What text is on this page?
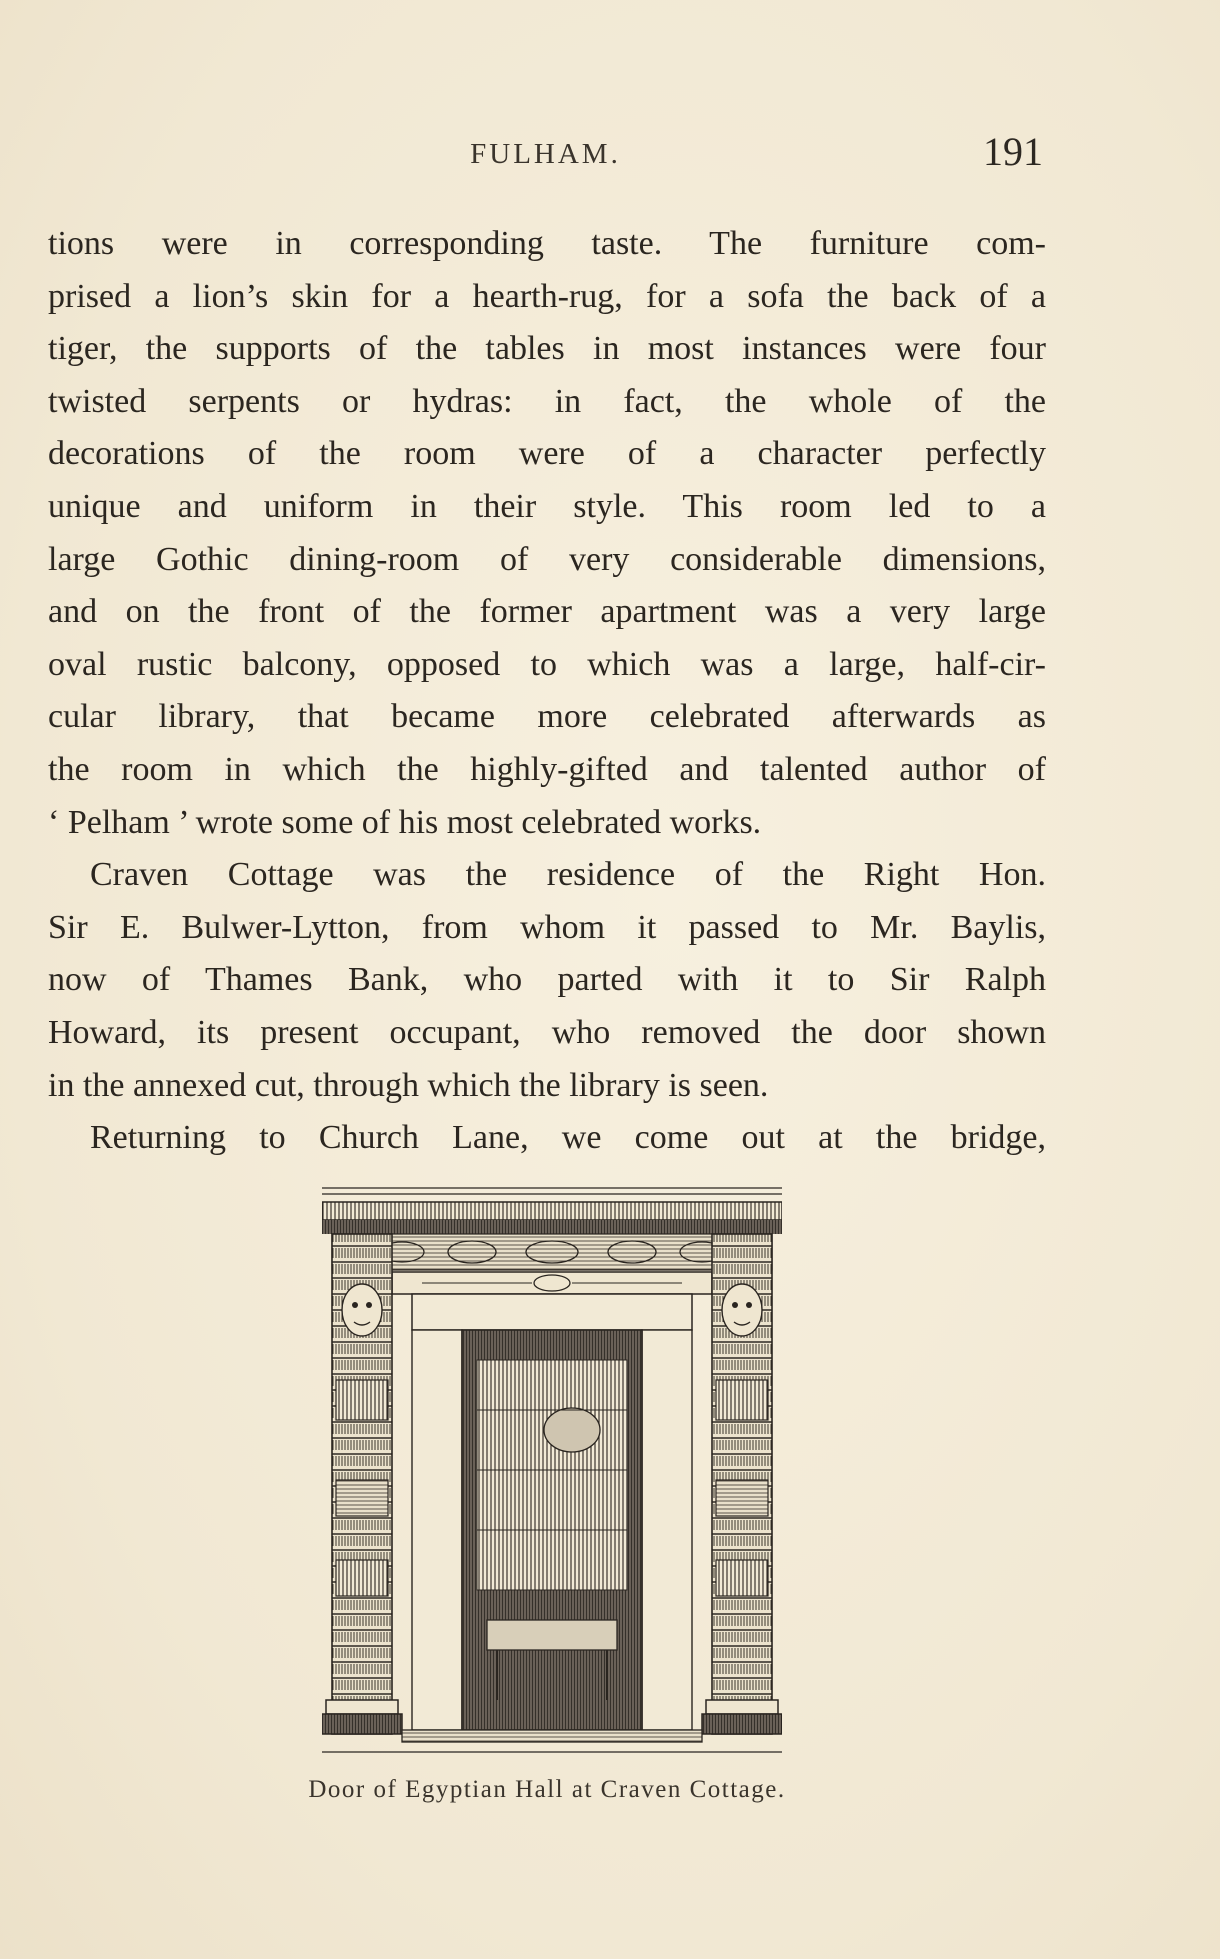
FULHAM.	191
tions were in corresponding taste. The furniture com-
prised a lion’s skin for a hearth-rug, for a sofa the back of a
tiger, the supports of the tables in most instances were four
twisted serpents or hydras: in fact, the whole of the
decorations of the room were of a character perfectly
unique and uniform in their style. This room led to a
large Gothic dining-room of very considerable dimensions,
and on the front of the former apartment was a very large
oval rustic balcony, opposed to which was a large, half-cir-
cular library, that became more celebrated afterwards as
the room in which the highly-gifted and talented author of
‘ Pelham ’ wrote some of his most celebrated works.
Craven Cottage was the residence of the Right Hon.
Sir E. Bulwer-Lytton, from whom it passed to Mr. Baylis,
now of Thames Bank, who parted with it to Sir Ralph
Howard, its present occupant, who removed the door shown
in the annexed cut, through which the library is seen.
Returning to Church Lane, we come out at the bridge,
Door of Egyptian Hall at Craven Cottage.
